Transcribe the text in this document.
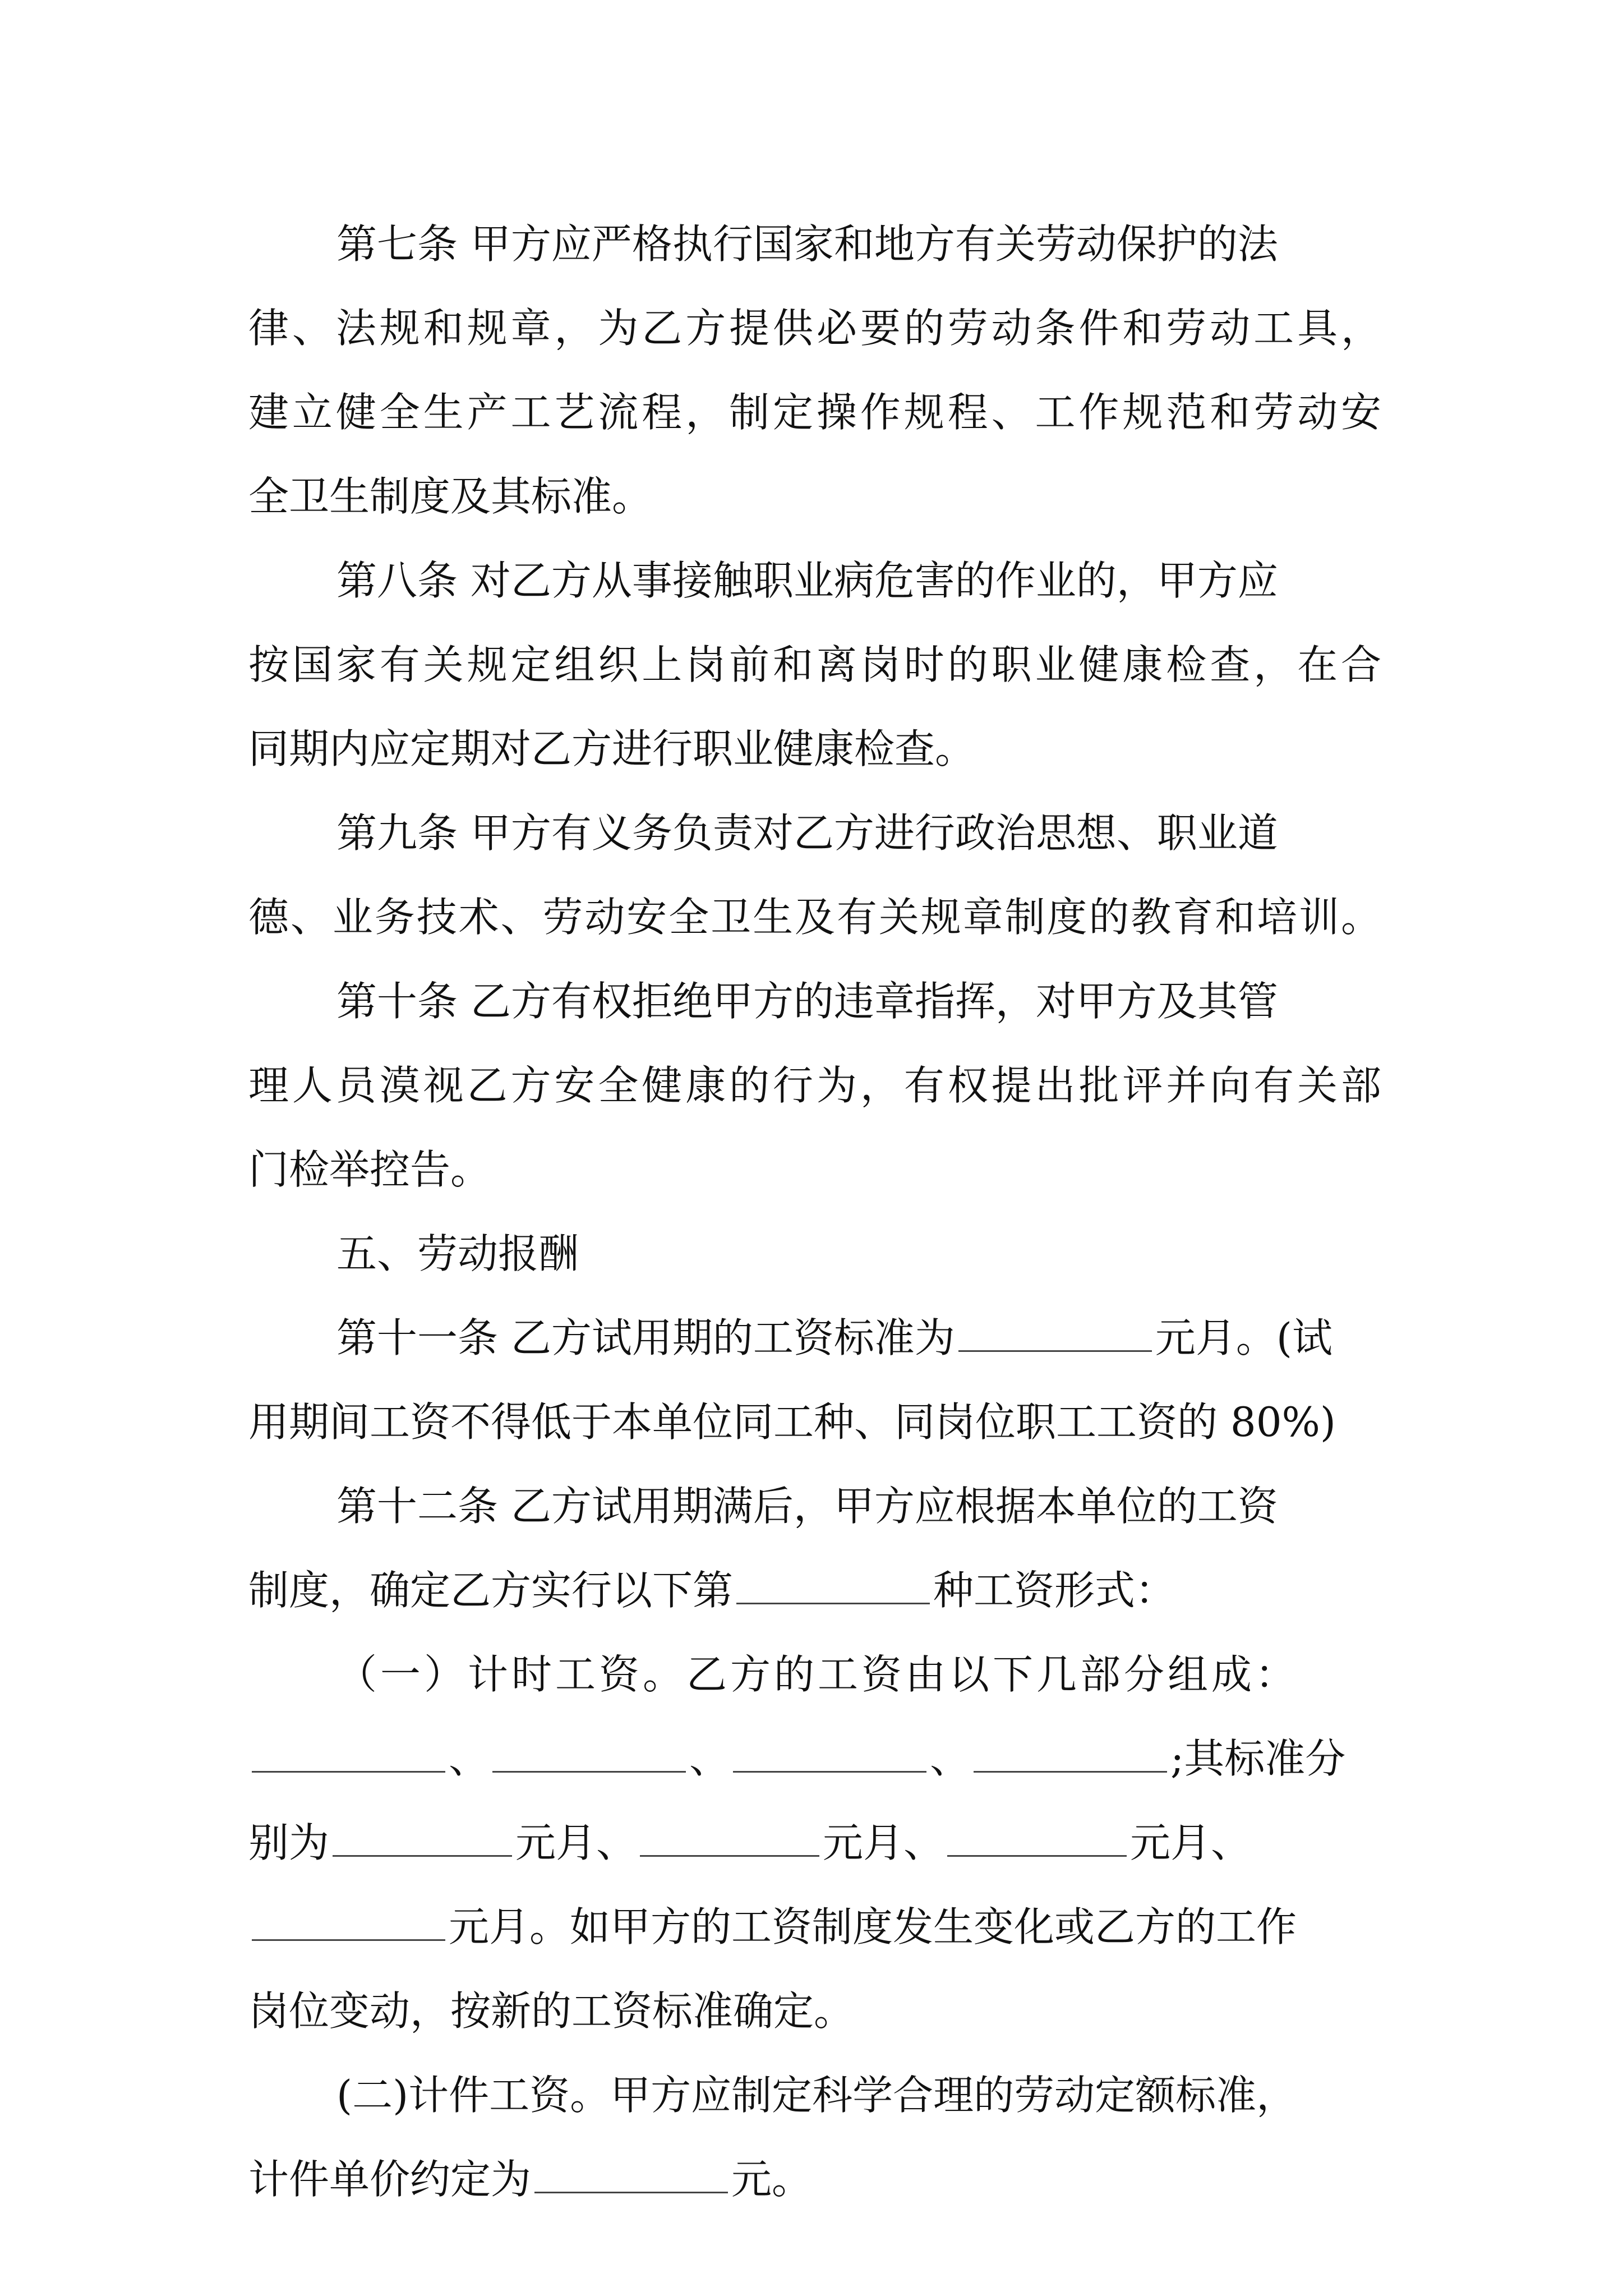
第七条 甲方应严格执行国家和地方有关劳动保护的法
律、法规和规章，为乙方提供必要的劳动条件和劳动工具，
建立健全生产工艺流程，制定操作规程、工作规范和劳动安
全卫生制度及其标准。
第八条 对乙方从事接触职业病危害的作业的，甲方应
按国家有关规定组织上岗前和离岗时的职业健康检查，在合
同期内应定期对乙方进行职业健康检查。
第九条 甲方有义务负责对乙方进行政治思想、职业道
德、业务技术、劳动安全卫生及有关规章制度的教育和培训。
第十条 乙方有权拒绝甲方的违章指挥，对甲方及其管
理人员漠视乙方安全健康的行为，有权提出批评并向有关部
门检举控告。
五、劳动报酬
第十一条 乙方试用期的工资标准为	元月。(试
用期间工资不得低于本单位同工种、同岗位职工工资的 80%)
第十二条 乙方试用期满后，甲方应根据本单位的工资
制度，确定乙方实行以下第	种工资形式：
（一）计时工资。乙方的工资由以下几部分组成：
、	、	、	;其标准分
别为	元月、	元月、	元月、
元月。如甲方的工资制度发生变化或乙方的工作
岗位变动，按新的工资标准确定。
(二)计件工资。甲方应制定科学合理的劳动定额标准，
计件单价约定为	元。
